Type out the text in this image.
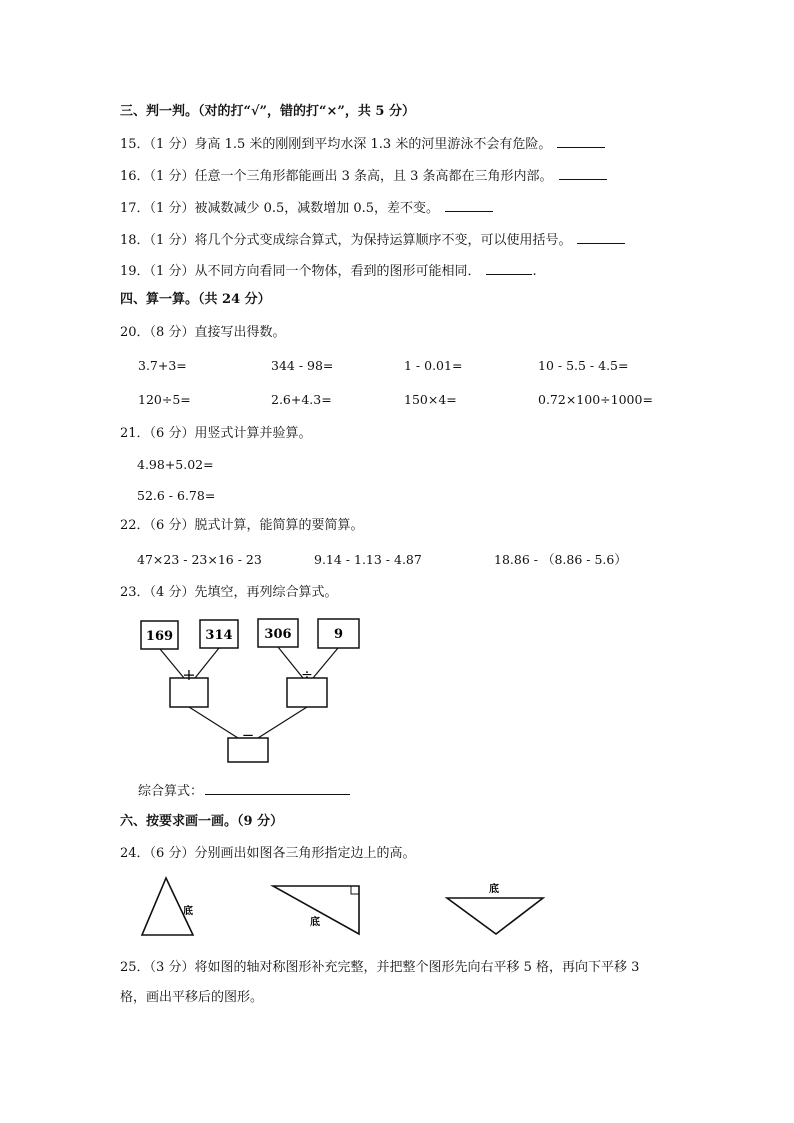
三、判一判。（对的打“√”，错的打“×”，共 5 分）
15．（1 分）身高 1.5 米的刚刚到平均水深 1.3 米的河里游泳不会有危险。
16．（1 分）任意一个三角形都能画出 3 条高，且 3 条高都在三角形内部。
17．（1 分）被减数减少 0.5，减数增加 0.5，差不变。
18．（1 分）将几个分式变成综合算式，为保持运算顺序不变，可以使用括号。
19．（1 分）从不同方向看同一个物体，看到的图形可能相同．	.
四、算一算。（共 24 分）
20．（8 分）直接写出得数。
3.7+3=	344 - 98=	1 - 0.01=	10 - 5.5 - 4.5=
120÷5=	2.6+4.3=	150×4=	0.72×100÷1000=
21．（6 分）用竖式计算并验算。
4.98+5.02=
52.6 - 6.78=
22．（6 分）脱式计算，能简算的要简算。
47×23 - 23×16 - 23	9.14 - 1.13 - 4.87	18.86 - （8.86 - 5.6）
23．（4 分）先填空，再列综合算式。
169 314 306	9
+	÷
−
综合算式：
六、按要求画一画。（9 分）
24．（6 分）分别画出如图各三角形指定边上的高。
底
底
底
25．（3 分）将如图的轴对称图形补充完整，并把整个图形先向右平移 5 格，再向下平移 3
格，画出平移后的图形。
